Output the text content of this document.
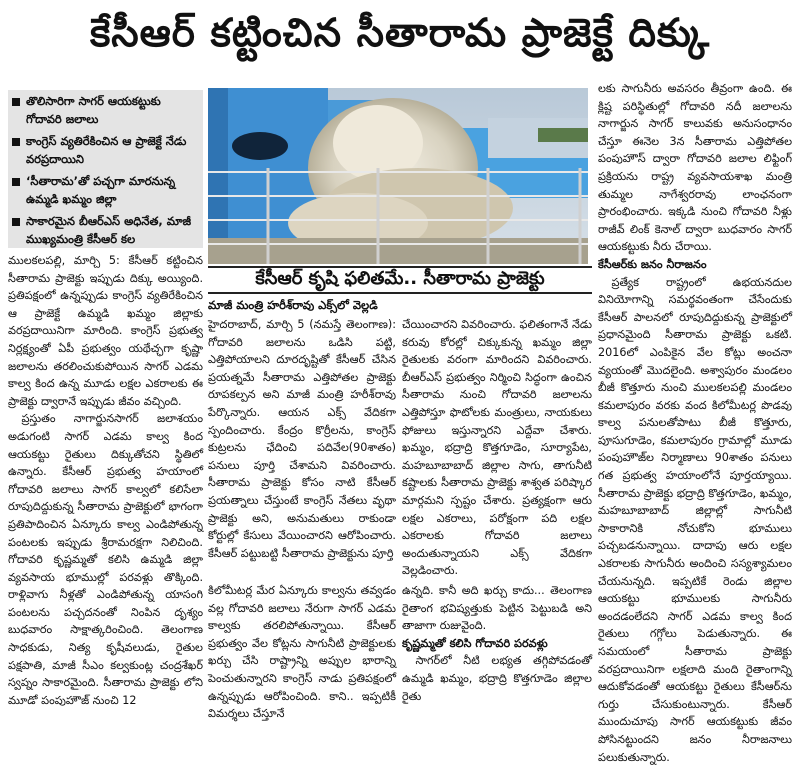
కేసీఆర్ కట్టించిన సీతారామ ప్రాజెక్టే దిక్కు
తొలిసారిగా సాగర్ ఆయకట్టుకు గోదావరి జలాలు
కాంగ్రెస్ వ్యతిరేకించిన ఆ ప్రాజెక్టే నేడు వరప్రదాయిని
‘సీతారామ’తో పచ్చగా మారనున్న ఉమ్మడి ఖమ్మం జిల్లా
సాకారమైన బీఆర్ఎస్ అధినేత, మాజీ ముఖ్యమంత్రి కేసీఆర్ కల

ములకలపల్లి, మార్చి 5: కేసీఆర్ కట్టించిన సీతారామ ప్రాజెక్టు ఇప్పుడు దిక్కు అయ్యింది. ప్రతిపక్షంలో ఉన్నప్పుడు కాంగ్రెస్ వ్యతిరేకించిన ఆ ప్రాజెక్టే ఉమ్మడి ఖమ్మం జిల్లాకు వరప్రదాయినిగా మారింది. కాంగ్రెస్ ప్రభుత్వ నిర్లక్ష్యంతో ఏపీ ప్రభుత్వం యథేచ్ఛగా కృష్ణా జలాలను తరలించుకుపోయిన సాగర్ ఎడమ కాల్వ కింద ఉన్న మూడు లక్షల ఎకరాలకు ఈ ప్రాజెక్టు ద్వారానే ఇప్పుడు జీవం వచ్చింది.

ప్రస్తుతం నాగార్జునసాగర్ జలాశయం అడుగంటి సాగర్ ఎడమ కాల్వ కింద ఆయకట్టు రైతులు దిక్కుతోచని స్థితిలో ఉన్నారు. కేసీఆర్ ప్రభుత్వ హయాంలో గోదావరి జలాలు సాగర్ కాల్వలో కలిసేలా రూపుదిద్దుకున్న సీతారామ ప్రాజెక్టులో భాగంగా ప్రతిపాదించిన ఏన్కూరు కాల్వ ఎండిపోతున్న పంటలకు ఇప్పుడు శ్రీరామరక్షగా నిలిచింది. గోదావరి కృష్ణమ్మతో కలిసి ఉమ్మడి జిల్లా వ్యవసాయ భూముల్లో పరవళ్లు తొక్కింది. రాళ్లివాగు నీళ్లతో ఎండిపోతున్న యాసంగి పంటలను పచ్చదనంతో నింపిన దృశ్యం బుధవారం సాక్షాత్కరించింది. తెలంగాణ సాధకుడు, నిత్య కృషీవలుడు, రైతుల పక్షపాతి, మాజీ సీఎం కల్వకుంట్ల చంద్రశేఖర్ స్వప్నం సాకారమైంది. సీతారామ ప్రాజెక్టు లోని మూడో పంపుహౌజ్ నుంచి 12

కేసీఆర్ కృషి ఫలితమే.. సీతారామ ప్రాజెక్టు
మాజీ మంత్రి హరీశ్‌రావు ఎక్స్‌లో వెల్లడి

హైదరాబాద్, మార్చి 5 (నమస్తే తెలంగాణ): గోదావరి జలాలను ఒడిసి పట్టి, ఎత్తిపోయాలని దూరదృష్టితో కేసీఆర్ చేసిన ప్రయత్నమే సీతారామ ఎత్తిపోతల ప్రాజెక్టు రూపకల్పన అని మాజీ మంత్రి హరీశ్‌రావు పేర్కొన్నారు. ఆయన ఎక్స్ వేదికగా స్పందించారు. కేంద్రం కొర్రీలను, కాంగ్రెస్ కుట్రలను ఛేదించి పదివేల(90శాతం) పనులు పూర్తి చేశామని వివరించారు. సీతారామ ప్రాజెక్టు కోసం నాటి కేసీఆర్ ప్రయత్నాలు చేస్తుంటే కాంగ్రెస్ నేతలు వృథా ప్రాజెక్టు అని, అనుమతులు రాకుండా కోర్టుల్లో కేసులు వేయించారని ఆరోపించారు. కేసీఆర్ పట్టుబట్టి సీతారామ ప్రాజెక్టును పూర్తి

చేయించారని వివరించారు. ఫలితంగానే నేడు కరువు కోరల్లో చిక్కుకున్న ఖమ్మం జిల్లా రైతులకు వరంగా మారిందని వివరించారు. బీఆర్ఎస్ ప్రభుత్వం నిర్మించి సిద్ధంగా ఉంచిన సీతారామ నుంచి గోదావరి జలాలను ఎత్తిపోస్తూ ఫొటోలకు మంత్రులు, నాయకులు ఫోజులు ఇస్తున్నారని ఎద్దేవా చేశారు. ఖమ్మం, భద్రాద్రి కొత్తగూడెం, సూర్యాపేట, మహబూబాబాద్ జిల్లాల సాగు, తాగునీటి కష్టాలకు సీతారామ ప్రాజెక్టు శాశ్వత పరిష్కార మార్గమని స్పష్టం చేశారు. ప్రత్యక్షంగా ఆరు లక్షల ఎకరాలు, పరోక్షంగా పది లక్షల ఎకరాలకు గోదావరి జలాలు అందుతున్నాయని ఎక్స్ వేదికగా వెల్లడించారు.

కిలోమీటర్ల మేర ఏన్కూరు కాల్వను తవ్వడం వల్ల గోదావరి జలాలు నేరుగా సాగర్ ఎడమ కాల్వకు తరలిపోతున్నాయి. కేసీఆర్ ప్రభుత్వం వేల కోట్లను సాగునీటి ప్రాజెక్టులకు ఖర్చు చేసి రాష్ట్రాన్ని అప్పుల భారాన్ని పెంచుతున్నారని కాంగ్రెస్ నాడు ప్రతిపక్షంలో ఉన్నప్పుడు ఆరోపించింది. కాని.. ఇప్పటికీ విమర్శలు చేస్తూనే

ఉన్నది. కానీ అది ఖర్చు కాదు... తెలంగాణ రైతాంగ భవిష్యత్తుకు పెట్టిన పెట్టుబడి అని తాజాగా రుజువైంది.

కృష్ణమ్మతో కలిసి గోదావరి పరవళ్లు

సాగర్‌లో నీటి లభ్యత తగ్గిపోవడంతో ఉమ్మడి ఖమ్మం, భద్రాద్రి కొత్తగూడెం జిల్లాల రైతు

లకు సాగునీరు అవసరం తీవ్రంగా ఉంది. ఈ క్లిష్ట పరిస్థితుల్లో గోదావరి నదీ జలాలను నాగార్జున సాగర్ కాలువకు అనుసంధానం చేస్తూ ఈనెల 3న సీతారామ ఎత్తిపోతల పంపుహౌస్ ద్వారా గోదావరి జలాల లిఫ్టింగ్ ప్రక్రియను రాష్ట్ర వ్యవసాయశాఖ మంత్రి తుమ్మల నాగేశ్వరరావు లాంఛనంగా ప్రారంభించారు. ఇక్కడి నుంచి గోదావరి నీళ్లు రాజీవ్ లింక్ కెనాల్ ద్వారా బుధవారం సాగర్ ఆయకట్టుకు నీరు చేరాయి.

కేసీఆర్‌కు జనం నీరాజనం

ప్రత్యేక రాష్ట్రంలో ఉభయనదుల వినియోగాన్ని సమర్థవంతంగా చేసేందుకు కేసీఆర్ పాలనలో రూపుదిద్దుకున్న ప్రాజెక్టులో ప్రధానమైంది సీతారామ ప్రాజెక్టు ఒకటి. 2016లో ఎంపికైన వేల కోట్లు అంచనా వ్యయంతో మొదలైంది. అశ్వాపురం మండలం బీజీ కొత్తూరు నుంచి ములకలపల్లి మండలం కమలాపురం వరకు వంద కిలోమీటర్ల పొడవు కాల్వ పనులతోపాటు బీజీ కొత్తూరు, పూసుగూడెం, కమలాపురం గ్రామాల్లో మూడు పంపుహౌజ్‌ల నిర్మాణాలు 90శాతం పనులు గత ప్రభుత్వ హయాంలోనే పూర్తయ్యాయి. సీతారామ ప్రాజెక్టు భద్రాద్రి కొత్తగూడెం, ఖమ్మం, మహబూబాబాద్ జిల్లాల్లో సాగునీటి సాకారానికి నోచుకోని భూములు పచ్చబడనున్నాయి. దాదాపు ఆరు లక్షల ఎకరాలకు సాగునీరు అందించి సస్యశ్యామలం చేయనున్నది. ఇప్పటికే రెండు జిల్లాల ఆయకట్టు భూములకు సాగునీరు అందడంలేదని సాగర్ ఎడమ కాల్వ కింద రైతులు గగ్గోలు పెడుతున్నారు. ఈ సమయంలో సీతారామ ప్రాజెక్టు వరప్రదాయినిగా లక్షలాది మంది రైతాంగాన్ని ఆదుకోవడంతో ఆయకట్టు రైతులు కేసీఆర్‌ను గుర్తు చేసుకుంటున్నారు. కేసీఆర్ ముందుచూపు సాగర్ ఆయకట్టుకు జీవం పోసినట్టుందని జనం నీరాజనాలు పలుకుతున్నారు.
